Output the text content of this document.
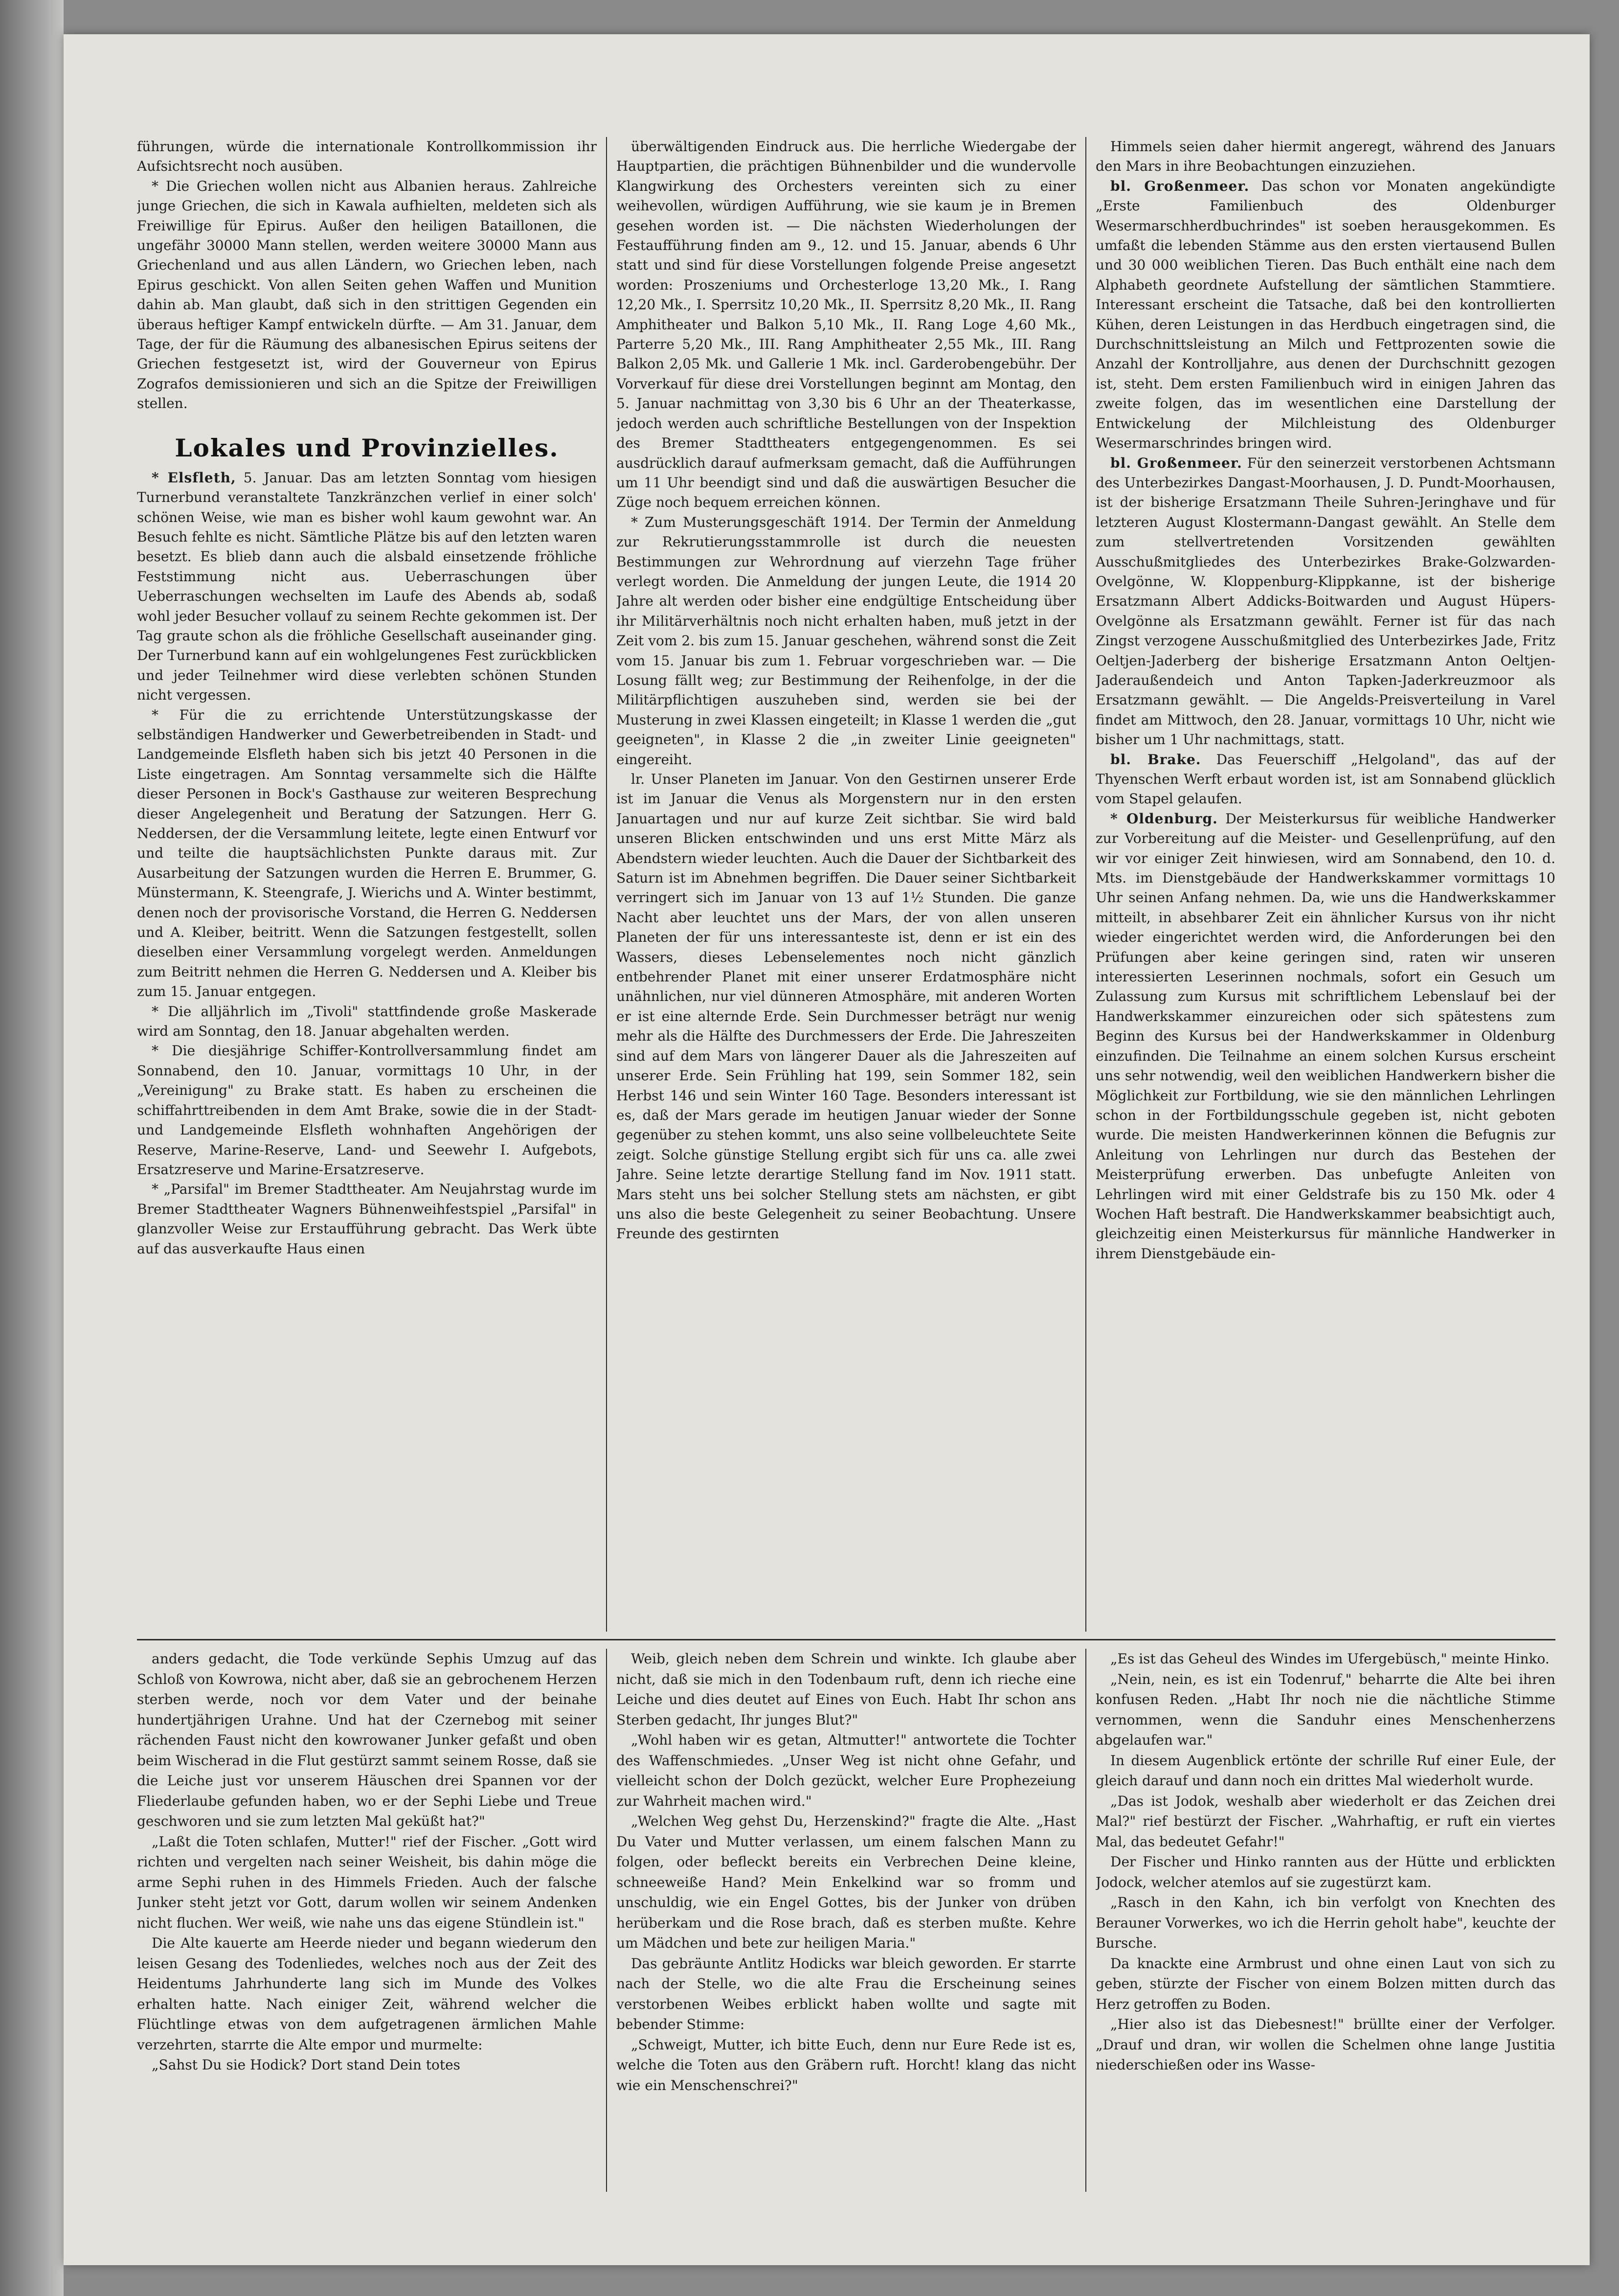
führungen, würde die internationale Kontrollkommission ihr Aufsichtsrecht noch ausüben.

* Die Griechen wollen nicht aus Albanien heraus. Zahlreiche junge Griechen, die sich in Kawala aufhielten, meldeten sich als Freiwillige für Epirus. Außer den heiligen Bataillonen, die ungefähr 30000 Mann stellen, werden weitere 30000 Mann aus Griechenland und aus allen Ländern, wo Griechen leben, nach Epirus geschickt. Von allen Seiten gehen Waffen und Munition dahin ab. Man glaubt, daß sich in den strittigen Gegenden ein überaus heftiger Kampf entwickeln dürfte. — Am 31. Januar, dem Tage, der für die Räumung des albanesischen Epirus seitens der Griechen festgesetzt ist, wird der Gouverneur von Epirus Zografos demissionieren und sich an die Spitze der Freiwilligen stellen.

Lokales und Provinzielles.

* Elsfleth, 5. Januar. Das am letzten Sonntag vom hiesigen Turnerbund veranstaltete Tanzkränzchen verlief in einer solch' schönen Weise, wie man es bisher wohl kaum gewohnt war. An Besuch fehlte es nicht. Sämtliche Plätze bis auf den letzten waren besetzt. Es blieb dann auch die alsbald einsetzende fröhliche Feststimmung nicht aus. Ueberraschungen über Ueberraschungen wechselten im Laufe des Abends ab, sodaß wohl jeder Besucher vollauf zu seinem Rechte gekommen ist. Der Tag graute schon als die fröhliche Gesellschaft auseinander ging. Der Turnerbund kann auf ein wohlgelungenes Fest zurückblicken und jeder Teilnehmer wird diese verlebten schönen Stunden nicht vergessen.

* Für die zu errichtende Unterstützungskasse der selbständigen Handwerker und Gewerbetreibenden in Stadt- und Landgemeinde Elsfleth haben sich bis jetzt 40 Personen in die Liste eingetragen. Am Sonntag versammelte sich die Hälfte dieser Personen in Bock's Gasthause zur weiteren Besprechung dieser Angelegenheit und Beratung der Satzungen. Herr G. Neddersen, der die Versammlung leitete, legte einen Entwurf vor und teilte die hauptsächlichsten Punkte daraus mit. Zur Ausarbeitung der Satzungen wurden die Herren E. Brummer, G. Münstermann, K. Steengrafe, J. Wierichs und A. Winter bestimmt, denen noch der provisorische Vorstand, die Herren G. Neddersen und A. Kleiber, beitritt. Wenn die Satzungen festgestellt, sollen dieselben einer Versammlung vorgelegt werden. Anmeldungen zum Beitritt nehmen die Herren G. Neddersen und A. Kleiber bis zum 15. Januar entgegen.

* Die alljährlich im „Tivoli" stattfindende große Maskerade wird am Sonntag, den 18. Januar abgehalten werden.

* Die diesjährige Schiffer-Kontrollversammlung findet am Sonnabend, den 10. Januar, vormittags 10 Uhr, in der „Vereinigung" zu Brake statt. Es haben zu erscheinen die schiffahrttreibenden in dem Amt Brake, sowie die in der Stadt- und Landgemeinde Elsfleth wohnhaften Angehörigen der Reserve, Marine-Reserve, Land- und Seewehr I. Aufgebots, Ersatzreserve und Marine-Ersatzreserve.

* „Parsifal" im Bremer Stadttheater. Am Neujahrstag wurde im Bremer Stadttheater Wagners Bühnenweihfestspiel „Parsifal" in glanzvoller Weise zur Erstaufführung gebracht. Das Werk übte auf das ausverkaufte Haus einen

überwältigenden Eindruck aus. Die herrliche Wiedergabe der Hauptpartien, die prächtigen Bühnenbilder und die wundervolle Klangwirkung des Orchesters vereinten sich zu einer weihevollen, würdigen Aufführung, wie sie kaum je in Bremen gesehen worden ist. — Die nächsten Wiederholungen der Festaufführung finden am 9., 12. und 15. Januar, abends 6 Uhr statt und sind für diese Vorstellungen folgende Preise angesetzt worden: Proszeniums und Orchesterloge 13,20 Mk., I. Rang 12,20 Mk., I. Sperrsitz 10,20 Mk., II. Sperrsitz 8,20 Mk., II. Rang Amphitheater und Balkon 5,10 Mk., II. Rang Loge 4,60 Mk., Parterre 5,20 Mk., III. Rang Amphitheater 2,55 Mk., III. Rang Balkon 2,05 Mk. und Gallerie 1 Mk. incl. Garderobengebühr. Der Vorverkauf für diese drei Vorstellungen beginnt am Montag, den 5. Januar nachmittag von 3,30 bis 6 Uhr an der Theaterkasse, jedoch werden auch schriftliche Bestellungen von der Inspektion des Bremer Stadttheaters entgegengenommen. Es sei ausdrücklich darauf aufmerksam gemacht, daß die Aufführungen um 11 Uhr beendigt sind und daß die auswärtigen Besucher die Züge noch bequem erreichen können.

* Zum Musterungsgeschäft 1914. Der Termin der Anmeldung zur Rekrutierungsstammrolle ist durch die neuesten Bestimmungen zur Wehrordnung auf vierzehn Tage früher verlegt worden. Die Anmeldung der jungen Leute, die 1914 20 Jahre alt werden oder bisher eine endgültige Entscheidung über ihr Militärverhältnis noch nicht erhalten haben, muß jetzt in der Zeit vom 2. bis zum 15. Januar geschehen, während sonst die Zeit vom 15. Januar bis zum 1. Februar vorgeschrieben war. — Die Losung fällt weg; zur Bestimmung der Reihenfolge, in der die Militärpflichtigen auszuheben sind, werden sie bei der Musterung in zwei Klassen eingeteilt; in Klasse 1 werden die „gut geeigneten", in Klasse 2 die „in zweiter Linie geeigneten" eingereiht.

lr. Unser Planeten im Januar. Von den Gestirnen unserer Erde ist im Januar die Venus als Morgenstern nur in den ersten Januartagen und nur auf kurze Zeit sichtbar. Sie wird bald unseren Blicken entschwinden und uns erst Mitte März als Abendstern wieder leuchten. Auch die Dauer der Sichtbarkeit des Saturn ist im Abnehmen begriffen. Die Dauer seiner Sichtbarkeit verringert sich im Januar von 13 auf 1½ Stunden. Die ganze Nacht aber leuchtet uns der Mars, der von allen unseren Planeten der für uns interessanteste ist, denn er ist ein des Wassers, dieses Lebenselementes noch nicht gänzlich entbehrender Planet mit einer unserer Erdatmosphäre nicht unähnlichen, nur viel dünneren Atmosphäre, mit anderen Worten er ist eine alternde Erde. Sein Durchmesser beträgt nur wenig mehr als die Hälfte des Durchmessers der Erde. Die Jahreszeiten sind auf dem Mars von längerer Dauer als die Jahreszeiten auf unserer Erde. Sein Frühling hat 199, sein Sommer 182, sein Herbst 146 und sein Winter 160 Tage. Besonders interessant ist es, daß der Mars gerade im heutigen Januar wieder der Sonne gegenüber zu stehen kommt, uns also seine vollbeleuchtete Seite zeigt. Solche günstige Stellung ergibt sich für uns ca. alle zwei Jahre. Seine letzte derartige Stellung fand im Nov. 1911 statt. Mars steht uns bei solcher Stellung stets am nächsten, er gibt uns also die beste Gelegenheit zu seiner Beobachtung. Unsere Freunde des gestirnten

Himmels seien daher hiermit angeregt, während des Januars den Mars in ihre Beobachtungen einzuziehen.

bl. Großenmeer. Das schon vor Monaten angekündigte „Erste Familienbuch des Oldenburger Wesermarschherdbuchrindes" ist soeben herausgekommen. Es umfaßt die lebenden Stämme aus den ersten viertausend Bullen und 30 000 weiblichen Tieren. Das Buch enthält eine nach dem Alphabeth geordnete Aufstellung der sämtlichen Stammtiere. Interessant erscheint die Tatsache, daß bei den kontrollierten Kühen, deren Leistungen in das Herdbuch eingetragen sind, die Durchschnittsleistung an Milch und Fettprozenten sowie die Anzahl der Kontrolljahre, aus denen der Durchschnitt gezogen ist, steht. Dem ersten Familienbuch wird in einigen Jahren das zweite folgen, das im wesentlichen eine Darstellung der Entwickelung der Milchleistung des Oldenburger Wesermarschrindes bringen wird.

bl. Großenmeer. Für den seinerzeit verstorbenen Achtsmann des Unterbezirkes Dangast-Moorhausen, J. D. Pundt-Moorhausen, ist der bisherige Ersatzmann Theile Suhren-Jeringhave und für letzteren August Klostermann-Dangast gewählt. An Stelle dem zum stellvertretenden Vorsitzenden gewählten Ausschußmitgliedes des Unterbezirkes Brake-Golzwarden-Ovelgönne, W. Kloppenburg-Klippkanne, ist der bisherige Ersatzmann Albert Addicks-Boitwarden und August Hüpers-Ovelgönne als Ersatzmann gewählt. Ferner ist für das nach Zingst verzogene Ausschußmitglied des Unterbezirkes Jade, Fritz Oeltjen-Jaderberg der bisherige Ersatzmann Anton Oeltjen-Jaderaußendeich und Anton Tapken-Jaderkreuzmoor als Ersatzmann gewählt. — Die Angelds-Preisverteilung in Varel findet am Mittwoch, den 28. Januar, vormittags 10 Uhr, nicht wie bisher um 1 Uhr nachmittags, statt.

bl. Brake. Das Feuerschiff „Helgoland", das auf der Thyenschen Werft erbaut worden ist, ist am Sonnabend glücklich vom Stapel gelaufen.

* Oldenburg. Der Meisterkursus für weibliche Handwerker zur Vorbereitung auf die Meister- und Gesellenprüfung, auf den wir vor einiger Zeit hinwiesen, wird am Sonnabend, den 10. d. Mts. im Dienstgebäude der Handwerkskammer vormittags 10 Uhr seinen Anfang nehmen. Da, wie uns die Handwerkskammer mitteilt, in absehbarer Zeit ein ähnlicher Kursus von ihr nicht wieder eingerichtet werden wird, die Anforderungen bei den Prüfungen aber keine geringen sind, raten wir unseren interessierten Leserinnen nochmals, sofort ein Gesuch um Zulassung zum Kursus mit schriftlichem Lebenslauf bei der Handwerkskammer einzureichen oder sich spätestens zum Beginn des Kursus bei der Handwerkskammer in Oldenburg einzufinden. Die Teilnahme an einem solchen Kursus erscheint uns sehr notwendig, weil den weiblichen Handwerkern bisher die Möglichkeit zur Fortbildung, wie sie den männlichen Lehrlingen schon in der Fortbildungsschule gegeben ist, nicht geboten wurde. Die meisten Handwerkerinnen können die Befugnis zur Anleitung von Lehrlingen nur durch das Bestehen der Meisterprüfung erwerben. Das unbefugte Anleiten von Lehrlingen wird mit einer Geldstrafe bis zu 150 Mk. oder 4 Wochen Haft bestraft. Die Handwerkskammer beabsichtigt auch, gleichzeitig einen Meisterkursus für männliche Handwerker in ihrem Dienstgebäude ein-

anders gedacht, die Tode verkünde Sephis Umzug auf das Schloß von Kowrowa, nicht aber, daß sie an gebrochenem Herzen sterben werde, noch vor dem Vater und der beinahe hundertjährigen Urahne. Und hat der Czernebog mit seiner rächenden Faust nicht den kowrowaner Junker gefaßt und oben beim Wischerad in die Flut gestürzt sammt seinem Rosse, daß sie die Leiche just vor unserem Häuschen drei Spannen vor der Fliederlaube gefunden haben, wo er der Sephi Liebe und Treue geschworen und sie zum letzten Mal geküßt hat?"

„Laßt die Toten schlafen, Mutter!" rief der Fischer. „Gott wird richten und vergelten nach seiner Weisheit, bis dahin möge die arme Sephi ruhen in des Himmels Frieden. Auch der falsche Junker steht jetzt vor Gott, darum wollen wir seinem Andenken nicht fluchen. Wer weiß, wie nahe uns das eigene Stündlein ist."

Die Alte kauerte am Heerde nieder und begann wiederum den leisen Gesang des Todenliedes, welches noch aus der Zeit des Heidentums Jahrhunderte lang sich im Munde des Volkes erhalten hatte. Nach einiger Zeit, während welcher die Flüchtlinge etwas von dem aufgetragenen ärmlichen Mahle verzehrten, starrte die Alte empor und murmelte:

„Sahst Du sie Hodick? Dort stand Dein totes

Weib, gleich neben dem Schrein und winkte. Ich glaube aber nicht, daß sie mich in den Todenbaum ruft, denn ich rieche eine Leiche und dies deutet auf Eines von Euch. Habt Ihr schon ans Sterben gedacht, Ihr junges Blut?"

„Wohl haben wir es getan, Altmutter!" antwortete die Tochter des Waffenschmiedes. „Unser Weg ist nicht ohne Gefahr, und vielleicht schon der Dolch gezückt, welcher Eure Prophezeiung zur Wahrheit machen wird."

„Welchen Weg gehst Du, Herzenskind?" fragte die Alte. „Hast Du Vater und Mutter verlassen, um einem falschen Mann zu folgen, oder befleckt bereits ein Verbrechen Deine kleine, schneeweiße Hand? Mein Enkelkind war so fromm und unschuldig, wie ein Engel Gottes, bis der Junker von drüben herüberkam und die Rose brach, daß es sterben mußte. Kehre um Mädchen und bete zur heiligen Maria."

Das gebräunte Antlitz Hodicks war bleich geworden. Er starrte nach der Stelle, wo die alte Frau die Erscheinung seines verstorbenen Weibes erblickt haben wollte und sagte mit bebender Stimme:

„Schweigt, Mutter, ich bitte Euch, denn nur Eure Rede ist es, welche die Toten aus den Gräbern ruft. Horcht! klang das nicht wie ein Menschenschrei?"

„Es ist das Geheul des Windes im Ufergebüsch," meinte Hinko.

„Nein, nein, es ist ein Todenruf," beharrte die Alte bei ihren konfusen Reden. „Habt Ihr noch nie die nächtliche Stimme vernommen, wenn die Sanduhr eines Menschenherzens abgelaufen war."

In diesem Augenblick ertönte der schrille Ruf einer Eule, der gleich darauf und dann noch ein drittes Mal wiederholt wurde.

„Das ist Jodok, weshalb aber wiederholt er das Zeichen drei Mal?" rief bestürzt der Fischer. „Wahrhaftig, er ruft ein viertes Mal, das bedeutet Gefahr!"

Der Fischer und Hinko rannten aus der Hütte und erblickten Jodock, welcher atemlos auf sie zugestürzt kam.

„Rasch in den Kahn, ich bin verfolgt von Knechten des Berauner Vorwerkes, wo ich die Herrin geholt habe", keuchte der Bursche.

Da knackte eine Armbrust und ohne einen Laut von sich zu geben, stürzte der Fischer von einem Bolzen mitten durch das Herz getroffen zu Boden.

„Hier also ist das Diebesnest!" brüllte einer der Verfolger. „Drauf und dran, wir wollen die Schelmen ohne lange Justitia niederschießen oder ins Wasse-
